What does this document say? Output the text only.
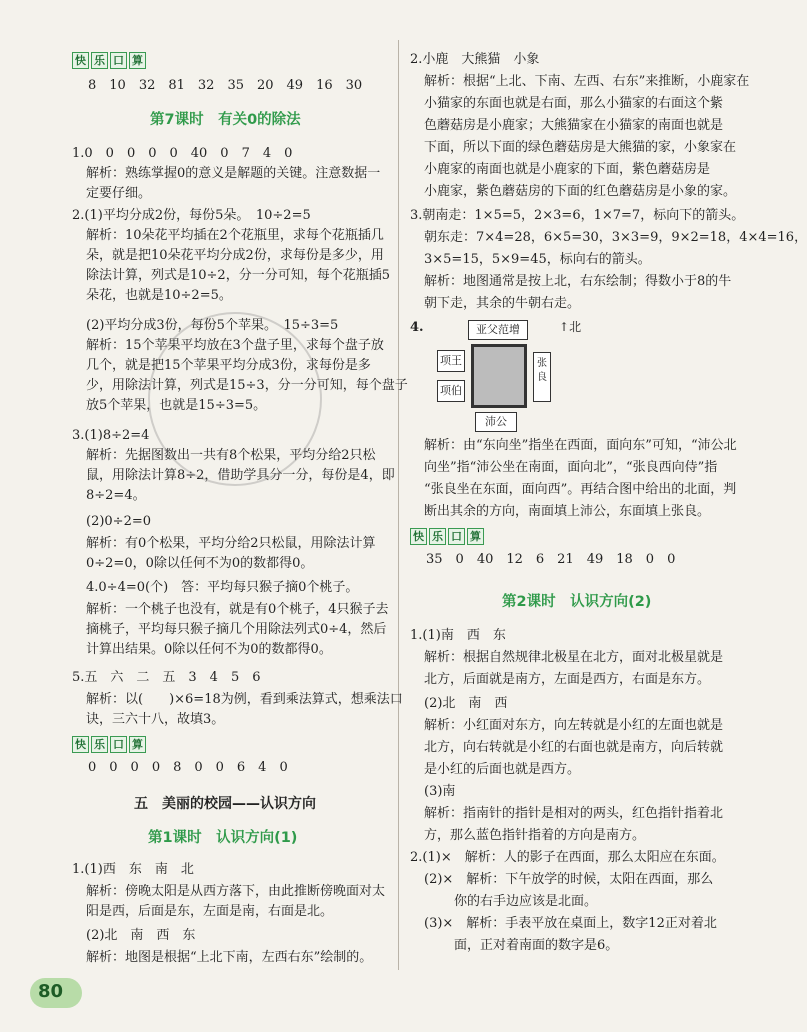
快 乐 口 算
8　10　32　81　32　35　20　49　16　30
第7课时　有关0的除法
1.0　0　0　0　0　40　0　7　4　0
解析：熟练掌握0的意义是解题的关键。注意数据一
定要仔细。
2.(1)平均分成2份，每份5朵。　10÷2=5
解析：10朵花平均插在2个花瓶里，求每个花瓶插几
朵，就是把10朵花平均分成2份，求每份是多少，用
除法计算，列式是10÷2，分一分可知，每个花瓶插5
朵花，也就是10÷2=5。
(2)平均分成3份，每份5个苹果。　15÷3=5
解析：15个苹果平均放在3个盘子里，求每个盘子放
几个，就是把15个苹果平均分成3份，求每份是多
少，用除法计算，列式是15÷3，分一分可知，每个盘子
放5个苹果，也就是15÷3=5。
3.(1)8÷2=4
解析：先据图数出一共有8个松果，平均分给2只松
鼠，用除法计算8÷2，借助学具分一分，每份是4，即
8÷2=4。
(2)0÷2=0
解析：有0个松果，平均分给2只松鼠，用除法计算
0÷2=0，0除以任何不为0的数都得0。
4.0÷4=0(个)　答：平均每只猴子摘0个桃子。
解析：一个桃子也没有，就是有0个桃子，4只猴子去
摘桃子，平均每只猴子摘几个用除法列式0÷4，然后
计算出结果。0除以任何不为0的数都得0。
5.五　六　二　五　3　4　5　6
解析：以(　　)×6=18为例，看到乘法算式，想乘法口
诀，三六十八，故填3。
快 乐 口 算
0　0　0　0　8　0　0　6　4　0
五　美丽的校园——认识方向
第1课时　认识方向(1)
1.(1)西　东　南　北
解析：傍晚太阳是从西方落下，由此推断傍晚面对太
阳是西，后面是东，左面是南，右面是北。
(2)北　南　西　东
解析：地图是根据“上北下南，左西右东”绘制的。
2.小鹿　大熊猫　小象
解析：根据“上北、下南、左西、右东”来推断，小鹿家在
小猫家的东面也就是右面，那么小猫家的右面这个紫
色蘑菇房是小鹿家；大熊猫家在小猫家的南面也就是
下面，所以下面的绿色蘑菇房是大熊猫的家，小象家在
小鹿家的南面也就是小鹿家的下面，紫色蘑菇房是
小鹿家，紫色蘑菇房的下面的红色蘑菇房是小象的家。
3.朝南走：1×5=5，2×3=6，1×7=7，标向下的箭头。
朝东走：7×4=28，6×5=30，3×3=9，9×2=18，4×4=16，
3×5=15，5×9=45，标向右的箭头。
解析：地图通常是按上北，右东绘制；得数小于8的牛
朝下走，其余的牛朝右走。
4.
解析：由“东向坐”指坐在西面，面向东”可知，“沛公北
向坐”指“沛公坐在南面，面向北”，“张良西向侍”指
“张良坐在东面，面向西”。再结合图中给出的北面，判
断出其余的方向，南面填上沛公，东面填上张良。
快 乐 口 算
35　0　40　12　6　21　49　18　0　0
第2课时　认识方向(2)
1.(1)南　西　东
解析：根据自然规律北极星在北方，面对北极星就是
北方，后面就是南方，左面是西方，右面是东方。
(2)北　南　西
解析：小红面对东方，向左转就是小红的左面也就是
北方，向右转就是小红的右面也就是南方，向后转就
是小红的后面也就是西方。
(3)南
解析：指南针的指针是相对的两头，红色指针指着北
方，那么蓝色指针指着的方向是南方。
2.(1)×　解析：人的影子在西面，那么太阳应在东面。
(2)×　解析：下午放学的时候，太阳在西面，那么
你的右手边应该是北面。
(3)×　解析：手表平放在桌面上，数字12正对着北
面，正对着南面的数字是6。
亚父范增
项王
项伯
张良
沛公
↑北
80
